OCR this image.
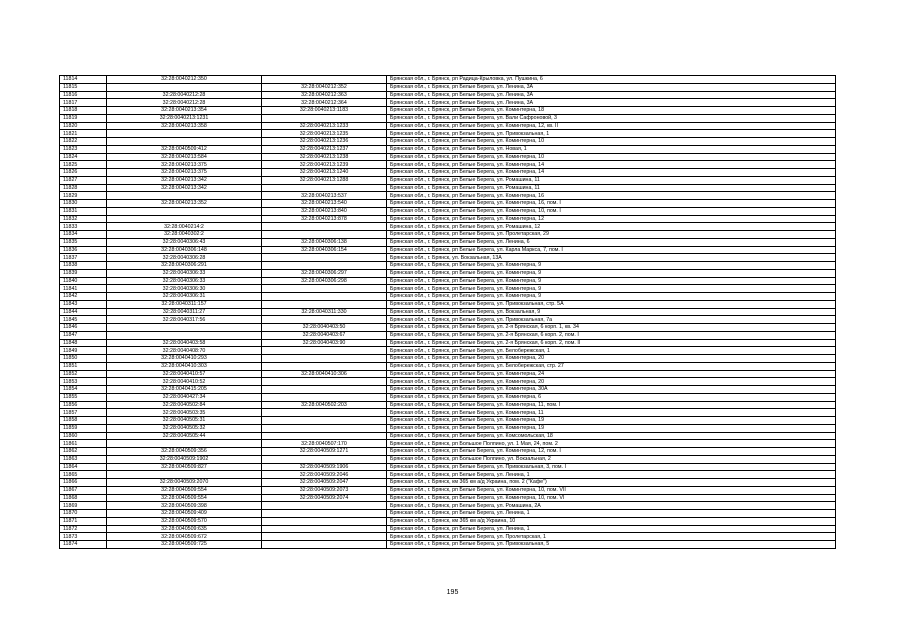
11814	32:28:0040212:350		Брянская обл., г. Брянск, рп Радица-Крыловка, ул. Пушкина, 6
11815		32:28:0040212:352	Брянская обл., г. Брянск, рп Белые Берега, ул. Ленина, 3А
11816	32:28:0040212:28	32:28:0040212:363	Брянская обл., г. Брянск, рп Белые Берега, ул. Ленина, 3А
11817	32:28:0040212:28	32:28:0040212:364	Брянская обл., г. Брянск, рп Белые Берега, ул. Ленина, 3А
11818	32:28:0040213:354	32:28:0040213:1183	Брянская обл., г. Брянск, рп Белые Берега, ул. Коминтерна, 18
11819	32:28:0040213:1231		Брянская обл., г. Брянск, рп Белые Берега, ул. Вали Сафроновой, 3
11820	32:28:0040213:358	32:28:0040213:1233	Брянская обл., г. Брянск, рп Белые Берега, ул. Коминтерна, 12, кв. II
11821		32:28:0040213:1235	Брянская обл., г. Брянск, рп Белые Берега, ул. Привокзальная, 1
11822		32:28:0040213:1236	Брянская обл., г. Брянск, рп Белые Берега, ул. Коминтерна, 10
11823	32:28:0040509:412	32:28:0040213:1237	Брянская обл., г. Брянск, рп Белые Берега, ул. Новая, 1
11824	32:28:0040213:584	32:28:0040213:1238	Брянская обл., г. Брянск, рп Белые Берега, ул. Коминтерна, 10
11825	32:28:0040213:375	32:28:0040213:1239	Брянская обл., г. Брянск, рп Белые Берега, ул. Коминтерна, 14
11826	32:28:0040213:375	32:28:0040213:1240	Брянская обл., г. Брянск, рп Белые Берега, ул. Коминтерна, 14
11827	32:28:0040213:342	32:28:0040213:1288	Брянская обл., г. Брянск, рп Белые Берега, ул. Ромашина, 11
11828	32:28:0040213:342		Брянская обл., г. Брянск, рп Белые Берега, ул. Ромашина, 11
11829		32:28:0040213:537	Брянская обл., г. Брянск, рп Белые Берега, ул. Коминтерна, 16
11830	32:28:0040213:352	32:28:0040213:540	Брянская обл., г. Брянск, рп Белые Берега, ул. Коминтерна, 16, пом. I
11831		32:28:0040213:840	Брянская обл., г. Брянск, рп Белые Берега, ул. Коминтерна, 10, пом. I
11832		32:28:0040213:878	Брянская обл., г. Брянск, рп Белые Берега, ул. Коминтерна, 12
11833	32:28:0040214:2		Брянская обл., г. Брянск, рп Белые Берега, ул. Ромашина, 12
11834	32:28:0040302:2		Брянская обл., г. Брянск, рп Белые Берега, ул. Пролетарская, 29
11835	32:28:0040306:43	32:28:0040306:138	Брянская обл., г. Брянск, рп Белые Берега, ул. Ленина, 6
11836	32:28:0040306:148	32:28:0040306:154	Брянская обл., г. Брянск, рп Белые Берега, ул. Карла Маркса, 7, пом. I
11837	32:28:0040306:28		Брянская обл., г. Брянск, ул. Вокзальная, 13А
11838	32:28:0040306:291		Брянская обл., г. Брянск, рп Белые Берега, ул. Коминтерна, 9
11839	32:28:0040306:33	32:28:0040306:297	Брянская обл., г. Брянск, рп Белые Берега, ул. Коминтерна, 9
11840	32:28:0040306:33	32:28:0040306:298	Брянская обл., г. Брянск, рп Белые Берега, ул. Коминтерна, 9
11841	32:28:0040306:30		Брянская обл., г. Брянск, рп Белые Берега, ул. Коминтерна, 9
11842	32:28:0040306:31		Брянская обл., г. Брянск, рп Белые Берега, ул. Коминтерна, 9
11843	32:28:0040311:157		Брянская обл., г. Брянск, рп Белые Берега, ул. Привокзальная, стр. 5А
11844	32:28:0040311:27	32:28:0040311:330	Брянская обл., г. Брянск, рп Белые Берега, ул. Вокзальная, 9
11845	32:28:0040317:56		Брянская обл., г. Брянск, рп Белые Берега, ул. Привокзальная, 7а
11846		32:28:0040403:50	Брянская обл., г. Брянск, рп Белые Берега, ул. 2-я Брянская, 6 корп. 1, кв. 34
11847		32:28:0040403:67	Брянская обл., г. Брянск, рп Белые Берега, ул. 2-я Брянская, 6 корп. 2, пом. I
11848	32:28:0040403:58	32:28:0040403:90	Брянская обл., г. Брянск, рп Белые Берега, ул. 2-я Брянская, 6 корп. 2, пом. II
11849	32:28:0040408:70		Брянская обл., г. Брянск, рп Белые Берега, ул. Белобережская, 1
11850	32:28:0040410:293		Брянская обл., г. Брянск, рп Белые Берега, ул. Коминтерна, 20
11851	32:28:0040410:303		Брянская обл., г. Брянск, рп Белые Берега, ул. Белобережская, стр. 27
11852	32:28:0040410:57	32:28:0040410:306	Брянская обл., г. Брянск, рп Белые Берега, ул. Коминтерна, 24
11853	32:28:0040410:52		Брянская обл., г. Брянск, рп Белые Берега, ул. Коминтерна, 20
11854	32:28:0040415:205		Брянская обл., г. Брянск, рп Белые Берега, ул. Коминтерна, 30А
11855	32:28:0040427:34		Брянская обл., г. Брянск, рп Белые Берега, ул. Коминтерна, 6
11856	32:28:0040502:84	32:28:0040502:203	Брянская обл., г. Брянск, рп Белые Берега, ул. Коминтерна, 11, пом. I
11857	32:28:0040503:35		Брянская обл., г. Брянск, рп Белые Берега, ул. Коминтерна, 11
11858	32:28:0040505:31		Брянская обл., г. Брянск, рп Белые Берега, ул. Коминтерна, 19
11859	32:28:0040505:32		Брянская обл., г. Брянск, рп Белые Берега, ул. Коминтерна, 19
11860	32:28:0040505:44		Брянская обл., г. Брянск, рп Белые Берега, ул. Комсомольская, 18
11861		32:28:0040507:170	Брянская обл., г. Брянск, рп Большое Полпино, ул. 1 Мая, 24, пом. 2
11862	32:28:0040509:356	32:28:0040509:1271	Брянская обл., г. Брянск, рп Белые Берега, ул. Коминтерна, 12, пом. I
11863	32:28:0040509:1902		Брянская обл., г. Брянск, рп Большое Полпино, ул. Вокзальная, 2
11864	32:28:0040509:827	32:28:0040509:1906	Брянская обл., г. Брянск, рп Белые Берега, ул. Привокзальная, 3, пом. I
11865		32:28:0040509:2046	Брянская обл., г. Брянск, рп Белые Берега, ул. Ленина, 1
11866	32:28:0040509:2070	32:28:0040509:2047	Брянская обл., г. Брянск, км 365 км а/д Украина, пом. 2 ("Кафе")
11867	32:28:0040509:554	32:28:0040509:2073	Брянская обл., г. Брянск, рп Белые Берега, ул. Коминтерна, 10, пом. VII
11868	32:28:0040509:554	32:28:0040509:2074	Брянская обл., г. Брянск, рп Белые Берега, ул. Коминтерна, 10, пом. VI
11869	32:28:0040509:398		Брянская обл., г. Брянск, рп Белые Берега, ул. Ромашина, 2А
11870	32:28:0040509:409		Брянская обл., г. Брянск, рп Белые Берега, ул. Ленина, 1
11871	32:28:0040509:570		Брянская обл., г. Брянск, км 365 км а/д Украина, 10
11872	32:28:0040509:635		Брянская обл., г. Брянск, рп Белые Берега, ул. Ленина, 1
11873	32:28:0040509:672		Брянская обл., г. Брянск, рп Белые Берега, ул. Пролетарская, 1
11874	32:28:0040509:725		Брянская обл., г. Брянск, рп Белые Берега, ул. Привокзальная, 5
195
